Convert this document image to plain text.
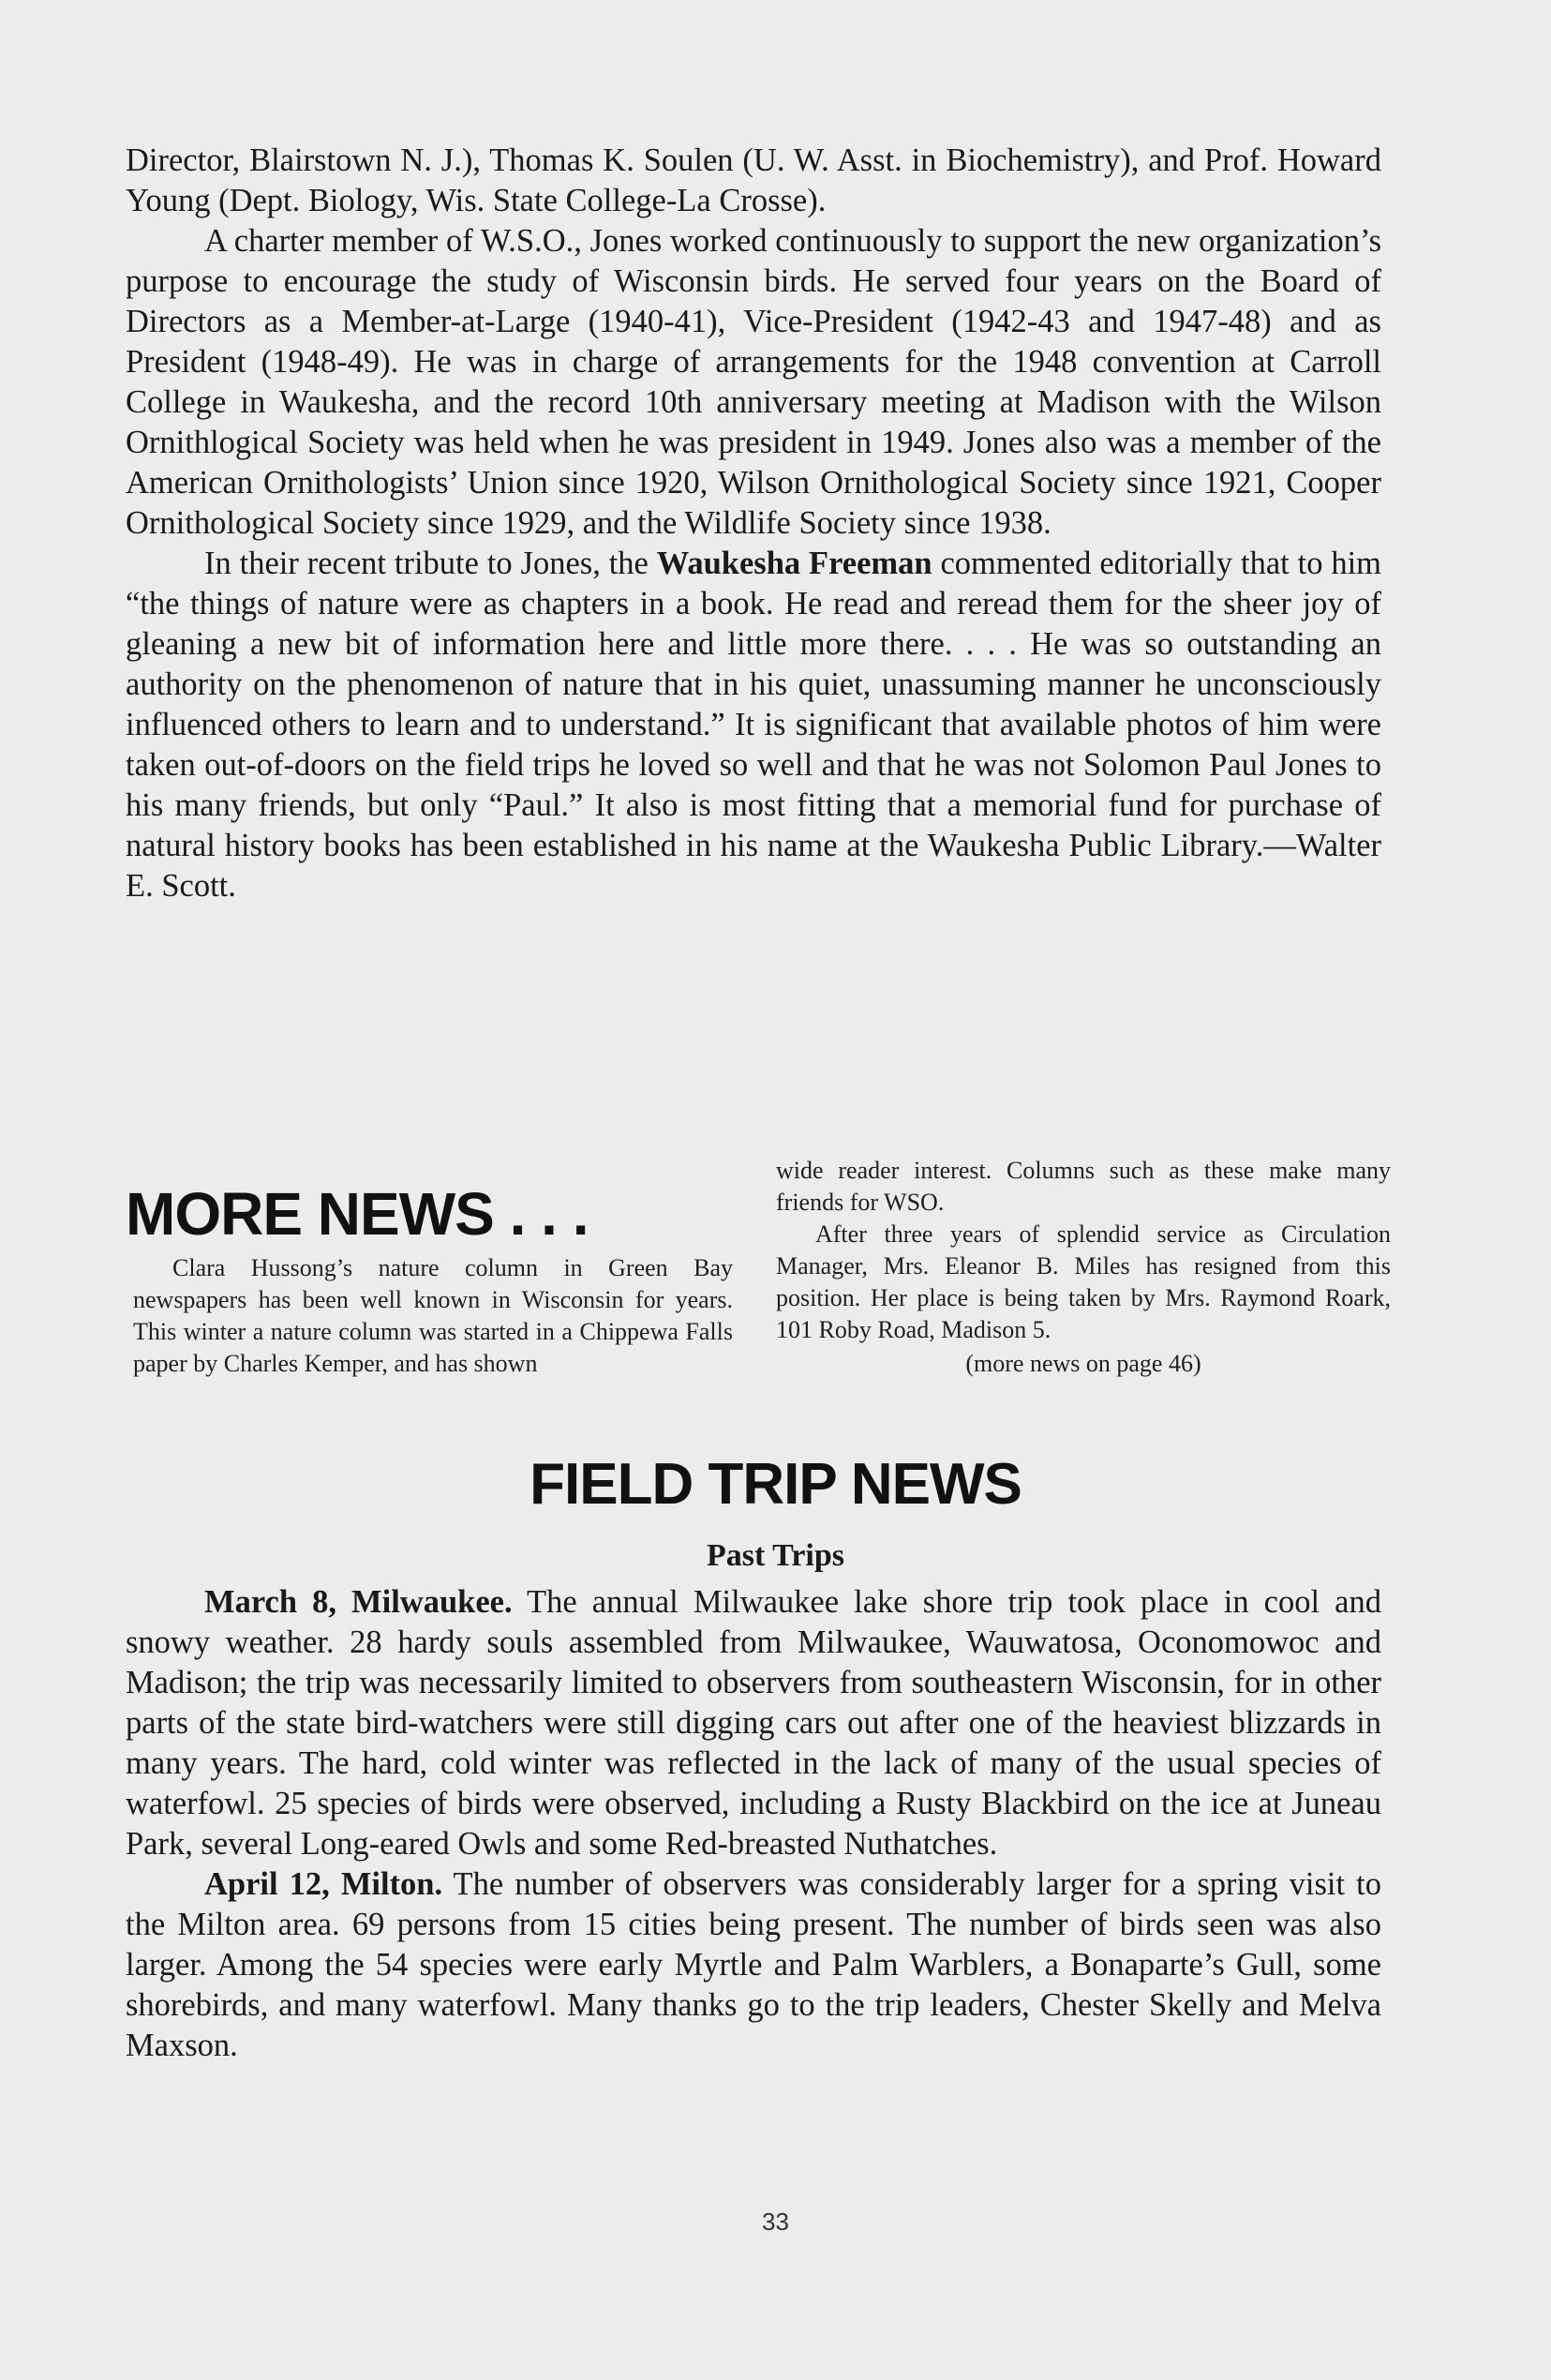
Director, Blairstown N. J.), Thomas K. Soulen (U. W. Asst. in Biochemistry), and Prof. Howard Young (Dept. Biology, Wis. State College-La Crosse).

A charter member of W.S.O., Jones worked continuously to support the new organization’s purpose to encourage the study of Wisconsin birds. He served four years on the Board of Directors as a Member-at-Large (1940-41), Vice-President (1942-43 and 1947-48) and as President (1948-49). He was in charge of arrangements for the 1948 convention at Carroll College in Waukesha, and the record 10th anniversary meeting at Madison with the Wilson Ornithlogical Society was held when he was president in 1949. Jones also was a member of the American Ornithologists’ Union since 1920, Wilson Ornithological Society since 1921, Cooper Ornithological Society since 1929, and the Wildlife Society since 1938.

In their recent tribute to Jones, the Waukesha Freeman commented editorially that to him “the things of nature were as chapters in a book. He read and reread them for the sheer joy of gleaning a new bit of information here and little more there. . . . He was so outstanding an authority on the phenomenon of nature that in his quiet, unassuming manner he unconsciously influenced others to learn and to understand.” It is significant that available photos of him were taken out-of-doors on the field trips he loved so well and that he was not Solomon Paul Jones to his many friends, but only “Paul.” It also is most fitting that a memorial fund for purchase of natural history books has been established in his name at the Waukesha Public Library.—Walter E. Scott.

MORE NEWS . . .

Clara Hussong’s nature column in Green Bay newspapers has been well known in Wisconsin for years. This winter a nature column was started in a Chippewa Falls paper by Charles Kemper, and has shown

wide reader interest. Columns such as these make many friends for WSO.

After three years of splendid service as Circulation Manager, Mrs. Eleanor B. Miles has resigned from this position. Her place is being taken by Mrs. Raymond Roark, 101 Roby Road, Madison 5.

(more news on page 46)

FIELD TRIP NEWS
Past Trips

March 8, Milwaukee. The annual Milwaukee lake shore trip took place in cool and snowy weather. 28 hardy souls assembled from Milwaukee, Wauwatosa, Oconomowoc and Madison; the trip was necessarily limited to observers from southeastern Wisconsin, for in other parts of the state bird-watchers were still digging cars out after one of the heaviest blizzards in many years. The hard, cold winter was reflected in the lack of many of the usual species of waterfowl. 25 species of birds were observed, including a Rusty Blackbird on the ice at Juneau Park, several Long-eared Owls and some Red-breasted Nuthatches.

April 12, Milton. The number of observers was considerably larger for a spring visit to the Milton area. 69 persons from 15 cities being present. The number of birds seen was also larger. Among the 54 species were early Myrtle and Palm Warblers, a Bonaparte’s Gull, some shorebirds, and many waterfowl. Many thanks go to the trip leaders, Chester Skelly and Melva Maxson.

33
